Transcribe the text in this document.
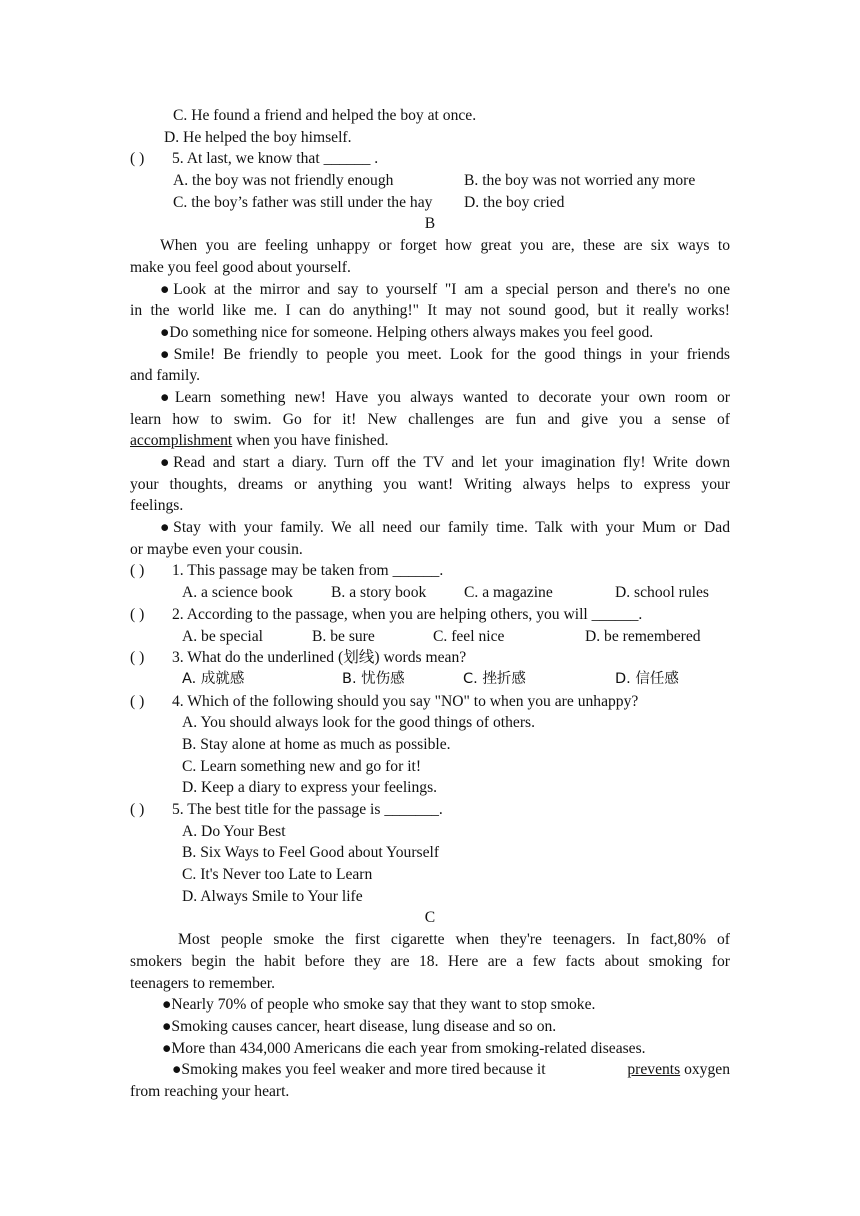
C. He found a friend and helped the boy at once.
D. He helped the boy himself.
( ) 5. At last, we know that ______ .
A. the boy was not friendly enough	B. the boy was not worried any more
C. the boy’s father was still under the hay D. the boy cried
B
When you are feeling unhappy or forget how great you are, these are six ways to
make you feel good about yourself.
●Look at the mirror and say to yourself "I am a special person and there's no one
in the world like me. I can do anything!" It may not sound good, but it really works!
●Do something nice for someone. Helping others always makes you feel good.
●Smile! Be friendly to people you meet. Look for the good things in your friends
and family.
●Learn something new! Have you always wanted to decorate your own room or
learn how to swim. Go for it! New challenges are fun and give you a sense of
accomplishment when you have finished.
●Read and start a diary. Turn off the TV and let your imagination fly! Write down
your thoughts, dreams or anything you want! Writing always helps to express your
feelings.
●Stay with your family. We all need our family time. Talk with your Mum or Dad
or maybe even your cousin.
( ) 1. This passage may be taken from ______.
A. a science book B. a story book C. a magazine	D. school rules
( ) 2. According to the passage, when you are helping others, you will ______.
A. be special	B. be sure	C. feel nice	D. be remembered
( ) 3. What do the underlined (划线) words mean?
A. 成就感	B. 忧伤感	C. 挫折感	D. 信任感
( ) 4. Which of the following should you say "NO" to when you are unhappy?
A. You should always look for the good things of others.
B. Stay alone at home as much as possible.
C. Learn something new and go for it!
D. Keep a diary to express your feelings.
( ) 5. The best title for the passage is _______.
A. Do Your Best
B. Six Ways to Feel Good about Yourself
C. It's Never too Late to Learn
D. Always Smile to Your life
C
Most people smoke the first cigarette when they're teenagers. In fact,80% of
smokers begin the habit before they are 18. Here are a few facts about smoking for
teenagers to remember.
●Nearly 70% of people who smoke say that they want to stop smoke.
●Smoking causes cancer, heart disease, lung disease and so on.
●More than 434,000 Americans die each year from smoking-related diseases.
●Smoking makes you feel weaker and more tired because it	prevents oxygen
from reaching your heart.
